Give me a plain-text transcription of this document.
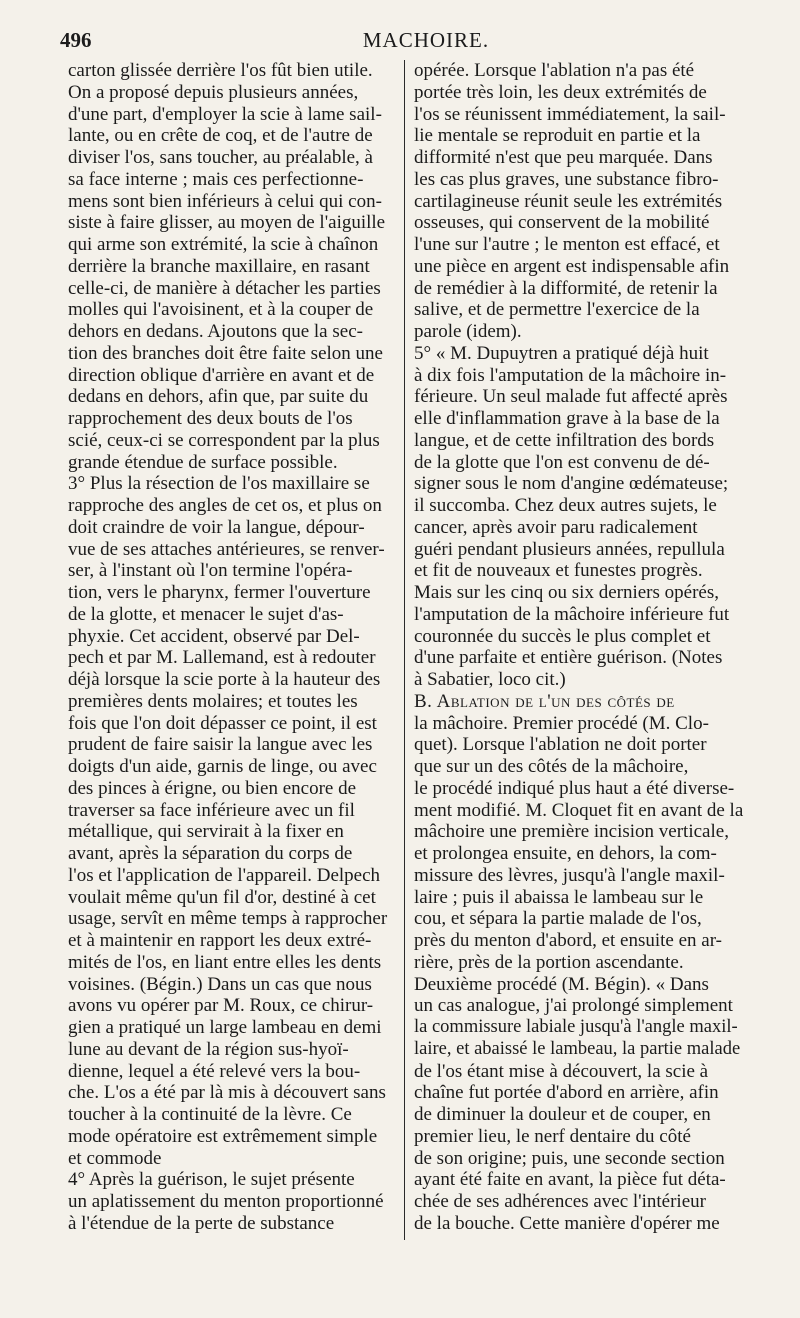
496	MACHOIRE.
carton glissée derrière l'os fût bien utile.
On a proposé depuis plusieurs années,
d'une part, d'employer la scie à lame sail-
lante, ou en crête de coq, et de l'autre de
diviser l'os, sans toucher, au préalable, à
sa face interne ; mais ces perfectionne-
mens sont bien inférieurs à celui qui con-
siste à faire glisser, au moyen de l'aiguille
qui arme son extrémité, la scie à chaînon
derrière la branche maxillaire, en rasant
celle-ci, de manière à détacher les parties
molles qui l'avoisinent, et à la couper de
dehors en dedans. Ajoutons que la sec-
tion des branches doit être faite selon une
direction oblique d'arrière en avant et de
dedans en dehors, afin que, par suite du
rapprochement des deux bouts de l'os
scié, ceux-ci se correspondent par la plus
grande étendue de surface possible.
3° Plus la résection de l'os maxillaire se
rapproche des angles de cet os, et plus on
doit craindre de voir la langue, dépour-
vue de ses attaches antérieures, se renver-
ser, à l'instant où l'on termine l'opéra-
tion, vers le pharynx, fermer l'ouverture
de la glotte, et menacer le sujet d'as-
phyxie. Cet accident, observé par Del-
pech et par M. Lallemand, est à redouter
déjà lorsque la scie porte à la hauteur des
premières dents molaires; et toutes les
fois que l'on doit dépasser ce point, il est
prudent de faire saisir la langue avec les
doigts d'un aide, garnis de linge, ou avec
des pinces à érigne, ou bien encore de
traverser sa face inférieure avec un fil
métallique, qui servirait à la fixer en
avant, après la séparation du corps de
l'os et l'application de l'appareil. Delpech
voulait même qu'un fil d'or, destiné à cet
usage, servît en même temps à rapprocher
et à maintenir en rapport les deux extré-
mités de l'os, en liant entre elles les dents
voisines. (Bégin.) Dans un cas que nous
avons vu opérer par M. Roux, ce chirur-
gien a pratiqué un large lambeau en demi
lune au devant de la région sus-hyoï-
dienne, lequel a été relevé vers la bou-
che. L'os a été par là mis à découvert sans
toucher à la continuité de la lèvre. Ce
mode opératoire est extrêmement simple
et commode
4° Après la guérison, le sujet présente
un aplatissement du menton proportionné
à l'étendue de la perte de substance
opérée. Lorsque l'ablation n'a pas été
portée très loin, les deux extrémités de
l'os se réunissent immédiatement, la sail-
lie mentale se reproduit en partie et la
difformité n'est que peu marquée. Dans
les cas plus graves, une substance fibro-
cartilagineuse réunit seule les extrémités
osseuses, qui conservent de la mobilité
l'une sur l'autre ; le menton est effacé, et
une pièce en argent est indispensable afin
de remédier à la difformité, de retenir la
salive, et de permettre l'exercice de la
parole (idem).
5° « M. Dupuytren a pratiqué déjà huit
à dix fois l'amputation de la mâchoire in-
férieure. Un seul malade fut affecté après
elle d'inflammation grave à la base de la
langue, et de cette infiltration des bords
de la glotte que l'on est convenu de dé-
signer sous le nom d'angine œdémateuse;
il succomba. Chez deux autres sujets, le
cancer, après avoir paru radicalement
guéri pendant plusieurs années, repullula
et fit de nouveaux et funestes progrès.
Mais sur les cinq ou six derniers opérés,
l'amputation de la mâchoire inférieure fut
couronnée du succès le plus complet et
d'une parfaite et entière guérison. (Notes
à Sabatier, loco cit.)
B. Ablation de l'un des côtés de
la mâchoire. Premier procédé (M. Clo-
quet). Lorsque l'ablation ne doit porter
que sur un des côtés de la mâchoire,
le procédé indiqué plus haut a été diverse-
ment modifié. M. Cloquet fit en avant de la
mâchoire une première incision verticale,
et prolongea ensuite, en dehors, la com-
missure des lèvres, jusqu'à l'angle maxil-
laire ; puis il abaissa le lambeau sur le
cou, et sépara la partie malade de l'os,
près du menton d'abord, et ensuite en ar-
rière, près de la portion ascendante.
Deuxième procédé (M. Bégin). « Dans
un cas analogue, j'ai prolongé simplement
la commissure labiale jusqu'à l'angle maxil-
laire, et abaissé le lambeau, la partie malade
de l'os étant mise à découvert, la scie à
chaîne fut portée d'abord en arrière, afin
de diminuer la douleur et de couper, en
premier lieu, le nerf dentaire du côté
de son origine; puis, une seconde section
ayant été faite en avant, la pièce fut déta-
chée de ses adhérences avec l'intérieur
de la bouche. Cette manière d'opérer me
